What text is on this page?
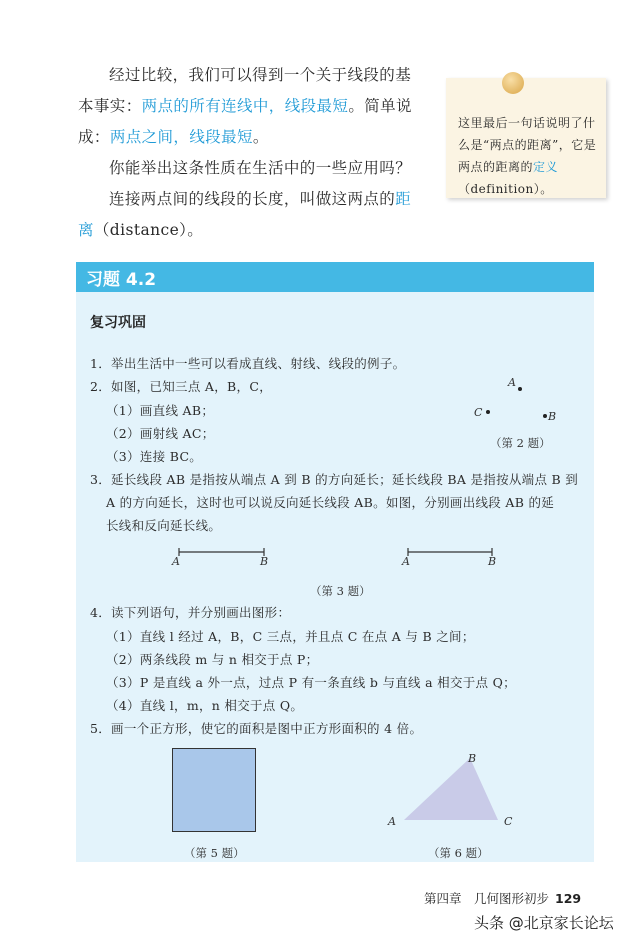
经过比较，我们可以得到一个关于线段的基本事实：两点的所有连线中，线段最短。简单说成：两点之间，线段最短。

你能举出这条性质在生活中的一些应用吗？

连接两点间的线段的长度，叫做这两点的距离（distance）。

这里最后一句话说明了什么是“两点的距离”，它是两点的距离的定义（definition）。
习题 4.2
复习巩固
1．举出生活中一些可以看成直线、射线、线段的例子。
2．如图，已知三点 A，B，C，
（1）画直线 AB；
（2）画射线 AC；
（3）连接 BC。
3．延长线段 AB 是指按从端点 A 到 B 的方向延长；延长线段 BA 是指按从端点 B 到
A 的方向延长，这时也可以说反向延长线段 AB。如图，分别画出线段 AB 的延
长线和反向延长线。
4．读下列语句，并分别画出图形：
（1）直线 l 经过 A，B，C 三点，并且点 C 在点 A 与 B 之间；
（2）两条线段 m 与 n 相交于点 P；
（3）P 是直线 a 外一点，过点 P 有一条直线 b 与直线 a 相交于点 Q；
（4）直线 l，m，n 相交于点 Q。
5．画一个正方形，使它的面积是图中正方形面积的 4 倍。
A
C	B
（第 2 题）
A	B	A	B
（第 3 题）
（第 5 题）
B
A	C
（第 6 题）
第四章　几何图形初步 129
头条 @北京家长论坛
